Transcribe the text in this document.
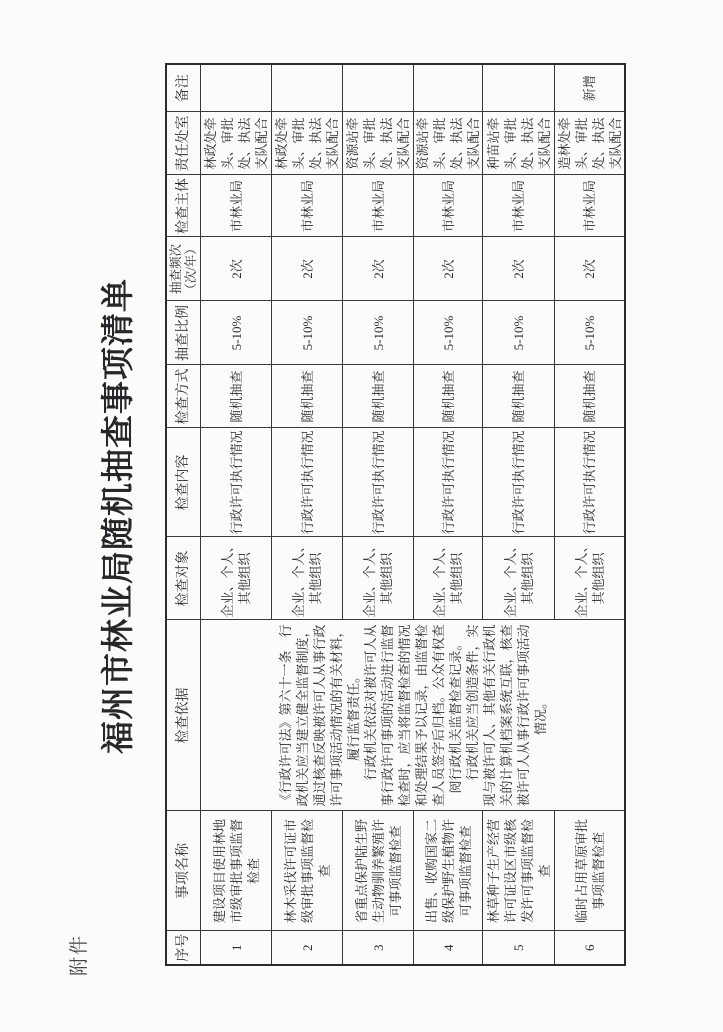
附件
福州市林业局随机抽查事项清单
序号	事项名称	检查依据	检查对象	检查内容	检查方式	抽查比例	抽查频次 （次/年）	检查主体	责任处室	备注
1	建设项目使用林地市级审批事项监督检查	《行政许可法》第六十一条　行政机关应当建立健全监督制度，通过核查反映被许可人从事行政许可事项活动情况的有关材料，履行监督责任。 行政机关依法对被许可人从事行政许可事项的活动进行监督检查时，应当将监督检查的情况和处理结果予以记录，由监督检查人员签字后归档。公众有权查阅行政机关监督检查记录。 行政机关应当创造条件，实现与被许可人、其他有关行政机关的计算机档案系统互联，核查被许可人从事行政许可事项活动情况。	企业、个人、其他组织	行政许可执行情况	随机抽查	5-10%	2次	市林业局	林政处牵头、审批处、执法支队配合	
2	林木采伐许可证市级审批事项监督检查		企业、个人、其他组织	行政许可执行情况	随机抽查	5-10%	2次	市林业局	林政处牵头、审批处、执法支队配合	
3	省重点保护陆生野生动物驯养繁殖许可事项监督检查		企业、个人、其他组织	行政许可执行情况	随机抽查	5-10%	2次	市林业局	资源站牵头、审批处、执法支队配合	
4	出售、收购国家二级保护野生植物许可事项监督检查		企业、个人、其他组织	行政许可执行情况	随机抽查	5-10%	2次	市林业局	资源站牵头、审批处、执法支队配合	
5	林草种子生产经营许可证设区市级核发许可事项监督检查		企业、个人、其他组织	行政许可执行情况	随机抽查	5-10%	2次	市林业局	种苗站牵头、审批处、执法支队配合	
6	临时占用草原审批事项监督检查		企业、个人、其他组织	行政许可执行情况	随机抽查	5-10%	2次	市林业局	造林处牵头、审批处、执法支队配合	新增
